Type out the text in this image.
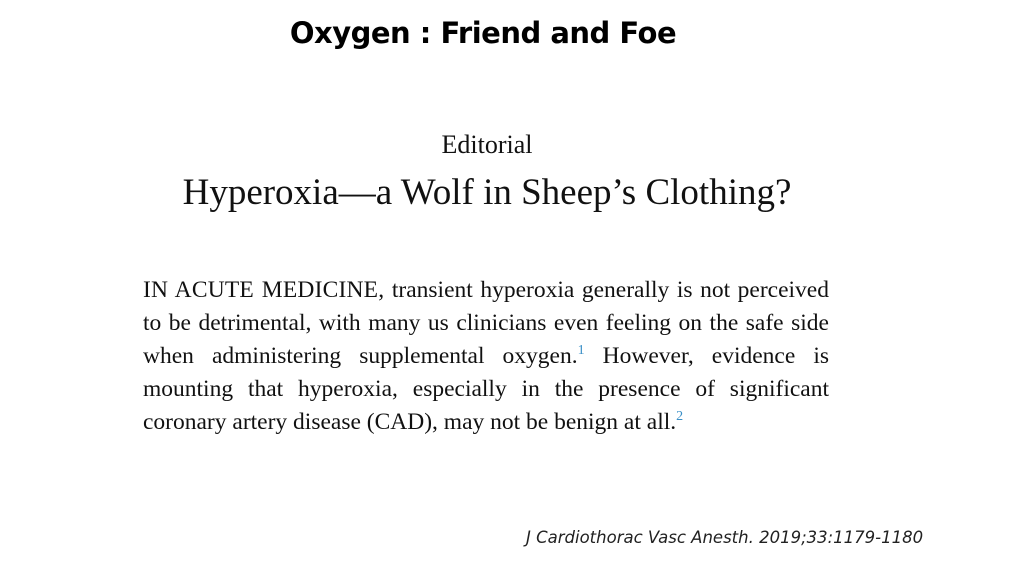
Oxygen : Friend and Foe
Editorial
Hyperoxia—a Wolf in Sheep’s Clothing?
IN ACUTE MEDICINE, transient hyperoxia generally is not perceived to be detrimental, with many us clinicians even feeling on the safe side when administering supplemental oxygen.$^1$ However, evidence is mounting that hyperoxia, especially in the presence of significant coronary artery disease (CAD), may not be benign at all.$^2$
J Cardiothorac Vasc Anesth. 2019;33:1179-1180
